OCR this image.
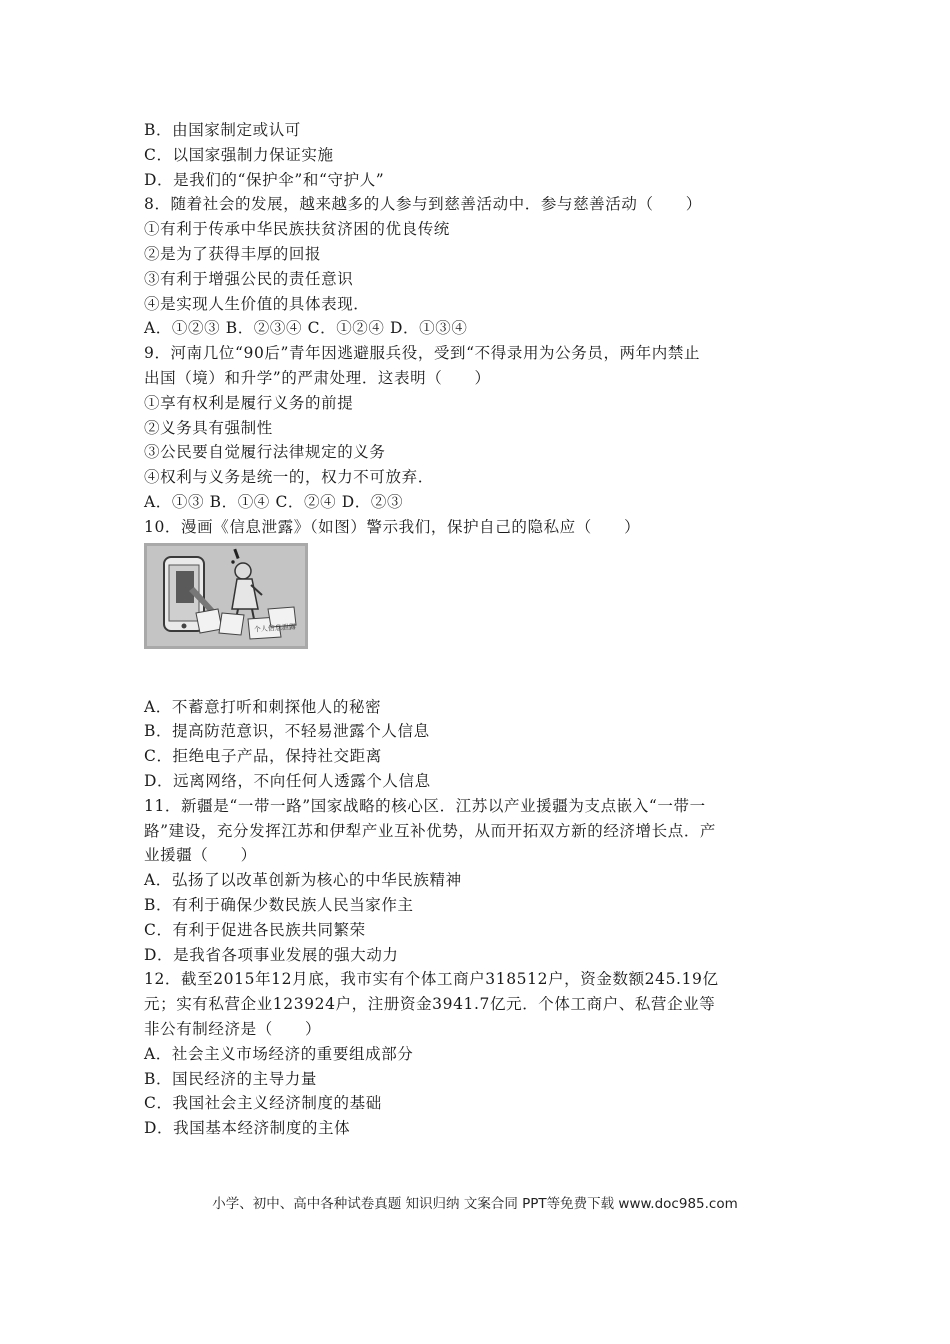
B．由国家制定或认可
C．以国家强制力保证实施
D．是我们的“保护伞”和“守护人”
8．随着社会的发展，越来越多的人参与到慈善活动中．参与慈善活动（　　）
①有利于传承中华民族扶贫济困的优良传统
②是为了获得丰厚的回报
③有利于增强公民的责任意识
④是实现人生价值的具体表现．
A．①②③ B．②③④ C．①②④ D．①③④
9．河南几位“90后”青年因逃避服兵役，受到“不得录用为公务员，两年内禁止
出国（境）和升学”的严肃处理．这表明（　　）
①享有权利是履行义务的前提
②义务具有强制性
③公民要自觉履行法律规定的义务
④权利与义务是统一的，权力不可放弃．
A．①③ B．①④ C．②④ D．②③
10．漫画《信息泄露》（如图）警示我们，保护自己的隐私应（　　）
个人信息泄露
A．不蓄意打听和刺探他人的秘密
B．提高防范意识，不轻易泄露个人信息
C．拒绝电子产品，保持社交距离
D．远离网络，不向任何人透露个人信息
11．新疆是“一带一路”国家战略的核心区．江苏以产业援疆为支点嵌入“一带一
路”建设，充分发挥江苏和伊犁产业互补优势，从而开拓双方新的经济增长点．产
业援疆（　　）
A．弘扬了以改革创新为核心的中华民族精神
B．有利于确保少数民族人民当家作主
C．有利于促进各民族共同繁荣
D．是我省各项事业发展的强大动力
12．截至2015年12月底，我市实有个体工商户318512户，资金数额245.19亿
元；实有私营企业123924户，注册资金3941.7亿元．个体工商户、私营企业等
非公有制经济是（　　）
A．社会主义市场经济的重要组成部分
B．国民经济的主导力量
C．我国社会主义经济制度的基础
D．我国基本经济制度的主体
小学、初中、高中各种试卷真题 知识归纳 文案合同 PPT等免费下载 www.doc985.com
